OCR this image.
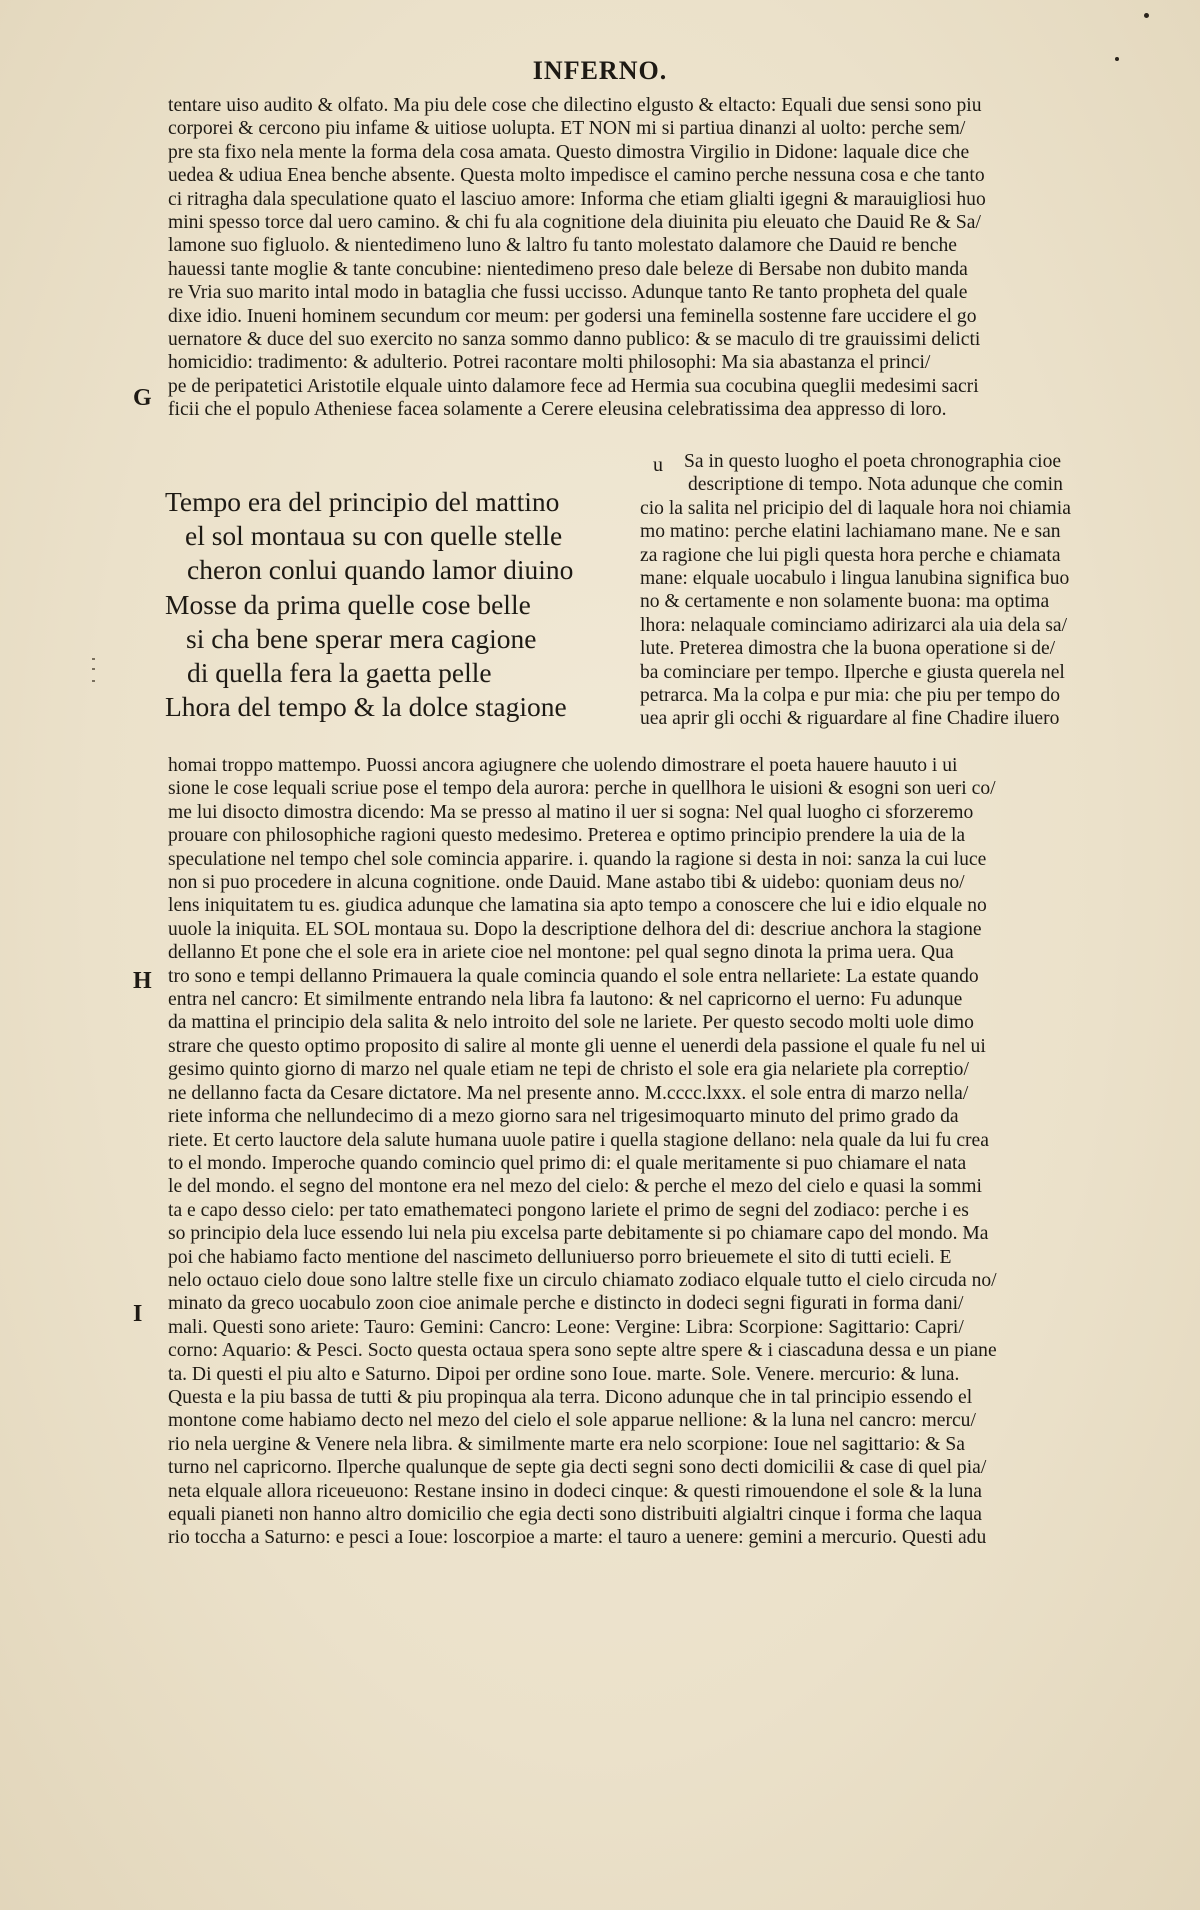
INFERNO.
G
H
I
u
tentare uiso audito & olfato. Ma piu dele cose che dilectino elgusto & eltacto: Equali due sensi sono piu
corporei & cercono piu infame & uitiose uolupta. ET NON mi si partiua dinanzi al uolto: perche sem/
pre sta fixo nela mente la forma dela cosa amata. Questo dimostra Virgilio in Didone: laquale dice che
uedea & udiua Enea benche absente. Questa molto impedisce el camino perche nessuna cosa e che tanto
ci ritragha dala speculatione quato el lasciuo amore: Informa che etiam glialti igegni & marauigliosi huo
mini spesso torce dal uero camino. & chi fu ala cognitione dela diuinita piu eleuato che Dauid Re & Sa/
lamone suo figluolo. & nientedimeno luno & laltro fu tanto molestato dalamore che Dauid re benche
hauessi tante moglie & tante concubine: nientedimeno preso dale beleze di Bersabe non dubito manda
re Vria suo marito intal modo in bataglia che fussi uccisso. Adunque tanto Re tanto propheta del quale
dixe idio. Inueni hominem secundum cor meum: per godersi una feminella sostenne fare uccidere el go
uernatore & duce del suo exercito no sanza sommo danno publico: & se maculo di tre grauissimi delicti
homicidio: tradimento: & adulterio. Potrei racontare molti philosophi: Ma sia abastanza el princi/
pe de peripatetici Aristotile elquale uinto dalamore fece ad Hermia sua cocubina queglii medesimi sacri
ficii che el populo Atheniese facea solamente a Cerere eleusina celebratissima dea appresso di loro.
Tempo era del principio del mattino
el sol montaua su con quelle stelle
cheron conlui quando lamor diuino
Mosse da prima quelle cose belle
si cha bene sperar mera cagione
di quella fera la gaetta pelle
Lhora del tempo & la dolce stagione
Sa in questo luogho el poeta chronographia cioe
descriptione di tempo. Nota adunque che comin
cio la salita nel pricipio del di laquale hora noi chiamia
mo matino: perche elatini lachiamano mane. Ne e san
za ragione che lui pigli questa hora perche e chiamata
mane: elquale uocabulo i lingua lanubina significa buo
no & certamente e non solamente buona: ma optima
lhora: nelaquale cominciamo adirizarci ala uia dela sa/
lute. Preterea dimostra che la buona operatione si de/
ba cominciare per tempo. Ilperche e giusta querela nel
petrarca. Ma la colpa e pur mia: che piu per tempo do
uea aprir gli occhi & riguardare al fine Chadire iluero
homai troppo mattempo. Puossi ancora agiugnere che uolendo dimostrare el poeta hauere hauuto i ui
sione le cose lequali scriue pose el tempo dela aurora: perche in quellhora le uisioni & esogni son ueri co/
me lui disocto dimostra dicendo: Ma se presso al matino il uer si sogna: Nel qual luogho ci sforzeremo
prouare con philosophiche ragioni questo medesimo. Preterea e optimo principio prendere la uia de la
speculatione nel tempo chel sole comincia apparire. i. quando la ragione si desta in noi: sanza la cui luce
non si puo procedere in alcuna cognitione. onde Dauid. Mane astabo tibi & uidebo: quoniam deus no/
lens iniquitatem tu es. giudica adunque che lamatina sia apto tempo a conoscere che lui e idio elquale no
uuole la iniquita. EL SOL montaua su. Dopo la descriptione delhora del di: descriue anchora la stagione
dellanno Et pone che el sole era in ariete cioe nel montone: pel qual segno dinota la prima uera. Qua
tro sono e tempi dellanno Primauera la quale comincia quando el sole entra nellariete: La estate quando
entra nel cancro: Et similmente entrando nela libra fa lautono: & nel capricorno el uerno: Fu adunque
da mattina el principio dela salita & nelo introito del sole ne lariete. Per questo secodo molti uole dimo
strare che questo optimo proposito di salire al monte gli uenne el uenerdi dela passione el quale fu nel ui
gesimo quinto giorno di marzo nel quale etiam ne tepi de christo el sole era gia nelariete pla correptio/
ne dellanno facta da Cesare dictatore. Ma nel presente anno. M.cccc.lxxx. el sole entra di marzo nella/
riete informa che nellundecimo di a mezo giorno sara nel trigesimoquarto minuto del primo grado da
riete. Et certo lauctore dela salute humana uuole patire i quella stagione dellano: nela quale da lui fu crea
to el mondo. Imperoche quando comincio quel primo di: el quale meritamente si puo chiamare el nata
le del mondo. el segno del montone era nel mezo del cielo: & perche el mezo del cielo e quasi la sommi
ta e capo desso cielo: per tato emathemateci pongono lariete el primo de segni del zodiaco: perche i es
so principio dela luce essendo lui nela piu excelsa parte debitamente si po chiamare capo del mondo. Ma
poi che habiamo facto mentione del nascimeto delluniuerso porro brieuemete el sito di tutti ecieli. E
nelo octauo cielo doue sono laltre stelle fixe un circulo chiamato zodiaco elquale tutto el cielo circuda no/
minato da greco uocabulo zoon cioe animale perche e distincto in dodeci segni figurati in forma dani/
mali. Questi sono ariete: Tauro: Gemini: Cancro: Leone: Vergine: Libra: Scorpione: Sagittario: Capri/
corno: Aquario: & Pesci. Socto questa octaua spera sono septe altre spere & i ciascaduna dessa e un piane
ta. Di questi el piu alto e Saturno. Dipoi per ordine sono Ioue. marte. Sole. Venere. mercurio: & luna.
Questa e la piu bassa de tutti & piu propinqua ala terra. Dicono adunque che in tal principio essendo el
montone come habiamo decto nel mezo del cielo el sole apparue nellione: & la luna nel cancro: mercu/
rio nela uergine & Venere nela libra. & similmente marte era nelo scorpione: Ioue nel sagittario: & Sa
turno nel capricorno. Ilperche qualunque de septe gia decti segni sono decti domicilii & case di quel pia/
neta elquale allora riceueuono: Restane insino in dodeci cinque: & questi rimouendone el sole & la luna
equali pianeti non hanno altro domicilio che egia decti sono distribuiti algialtri cinque i forma che laqua
rio toccha a Saturno: e pesci a Ioue: loscorpioe a marte: el tauro a uenere: gemini a mercurio. Questi adu
